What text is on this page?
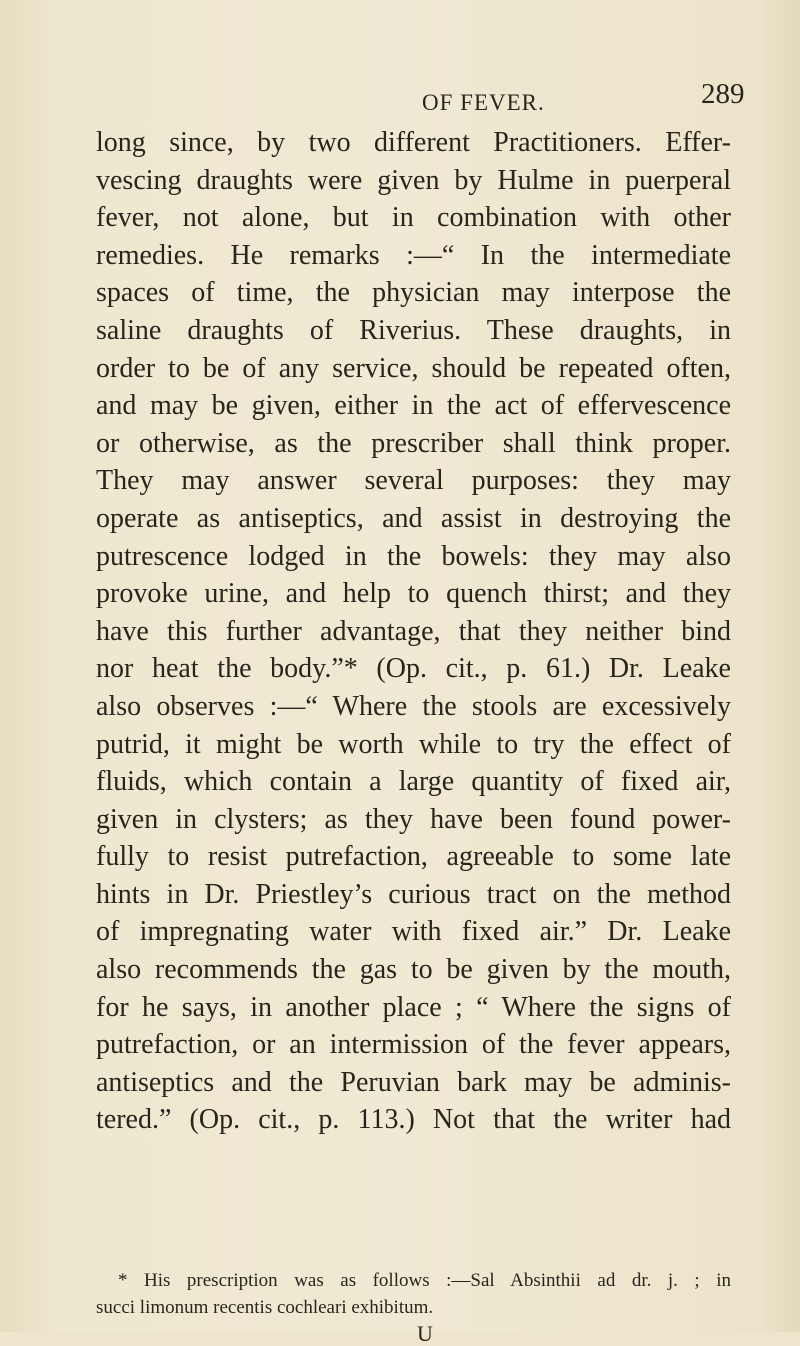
OF FEVER.	289
long since, by two different Practitioners. Effer-
vescing draughts were given by Hulme in puerperal
fever, not alone, but in combination with other
remedies. He remarks :—“ In the intermediate
spaces of time, the physician may interpose the
saline draughts of Riverius. These draughts, in
order to be of any service, should be repeated often,
and may be given, either in the act of effervescence
or otherwise, as the prescriber shall think proper.
They may answer several purposes: they may
operate as antiseptics, and assist in destroying the
putrescence lodged in the bowels: they may also
provoke urine, and help to quench thirst; and they
have this further advantage, that they neither bind
nor heat the body.”* (Op. cit., p. 61.) Dr. Leake
also observes :—“ Where the stools are excessively
putrid, it might be worth while to try the effect of
fluids, which contain a large quantity of fixed air,
given in clysters; as they have been found power-
fully to resist putrefaction, agreeable to some late
hints in Dr. Priestley’s curious tract on the method
of impregnating water with fixed air.” Dr. Leake
also recommends the gas to be given by the mouth,
for he says, in another place ; “ Where the signs of
putrefaction, or an intermission of the fever appears,
antiseptics and the Peruvian bark may be adminis-
tered.” (Op. cit., p. 113.) Not that the writer had
* His prescription was as follows :—Sal Absinthii ad dr. j. ; in
succi limonum recentis cochleari exhibitum.
U
